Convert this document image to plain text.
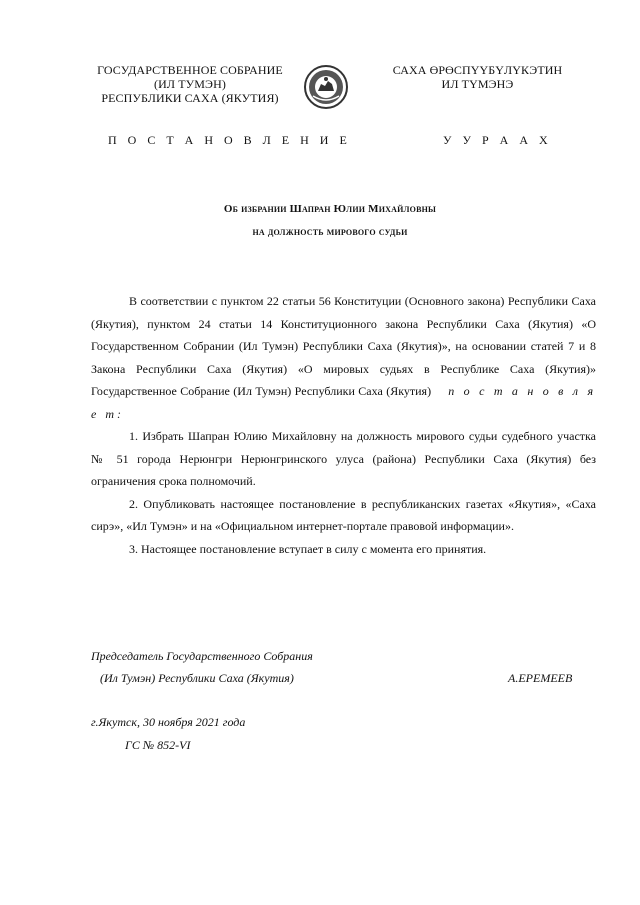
ГОСУДАРСТВЕННОЕ СОБРАНИЕ
(ИЛ ТУМЭН)
РЕСПУБЛИКИ САХА (ЯКУТИЯ)
САХА ӨРӨСПҮҮБҮЛҮКЭТИН
ИЛ ТҮМЭНЭ
П О С Т А Н О В Л Е Н И Е	У У Р А А Х
Об избрании Шапран Юлии Михайловны
на должность мирового судьи

В соответствии с пунктом 22 статьи 56 Конституции (Основного закона) Республики Саха (Якутия), пунктом 24 статьи 14 Конституционного закона Республики Саха (Якутия) «О Государственном Собрании (Ил Тумэн) Республики Саха (Якутия)», на основании статей 7 и 8 Закона Республики Саха (Якутия) «О мировых судьях в Республике Саха (Якутия)» Государственное Собрание (Ил Тумэн) Республики Саха (Якутия) п о с т а н о в л я е т:

1. Избрать Шапран Юлию Михайловну на должность мирового судьи судебного участка № 51 города Нерюнгри Нерюнгринского улуса (района) Республики Саха (Якутия) без ограничения срока полномочий.

2. Опубликовать настоящее постановление в республиканских газетах «Якутия», «Саха сирэ», «Ил Тумэн» и на «Официальном интернет-портале правовой информации».

3. Настоящее постановление вступает в силу с момента его принятия.

Председатель Государственного Собрания
(Ил Тумэн) Республики Саха (Якутия)	А.ЕРЕМЕЕВ
г.Якутск, 30 ноября 2021 года
ГС № 852-VI
